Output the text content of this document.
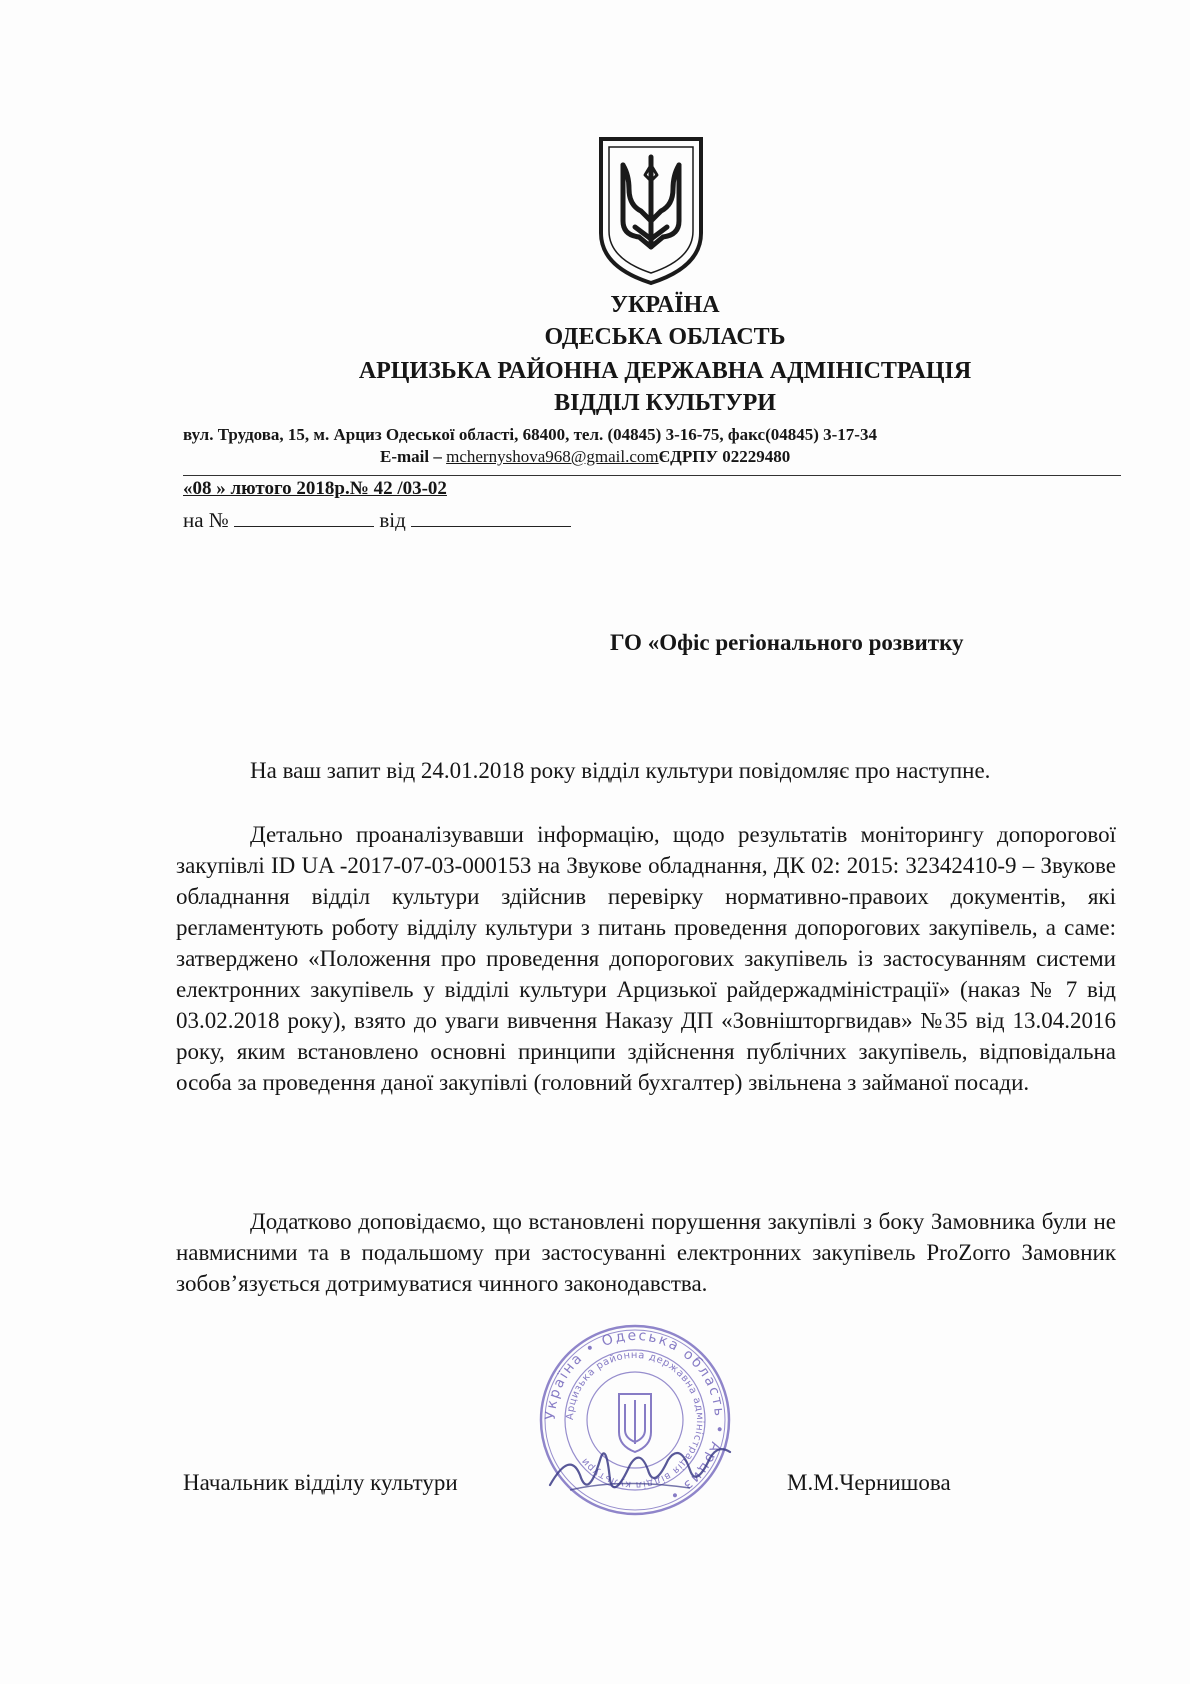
УКРАЇНА
ОДЕСЬКА ОБЛАСТЬ
АРЦИЗЬКА РАЙОННА ДЕРЖАВНА АДМІНІСТРАЦІЯ
ВІДДІЛ КУЛЬТУРИ
вул. Трудова, 15, м. Арциз Одеської області, 68400, тел. (04845) 3-16-75, факс(04845) 3-17-34
E-mail – mchernyshova968@gmail.comЄДРПУ 02229480
«08 » лютого 2018р.№ 42 /03-02
на №	від
ГО «Офіс регіонального розвитку

На ваш запит від 24.01.2018 року відділ культури повідомляє про наступне.

Детально проаналізувавши інформацію, щодо результатів моніторингу допорогової закупівлі ID UA -2017-07-03-000153 на Звукове обладнання, ДК 02: 2015: 32342410-9 – Звукове обладнання відділ культури здійснив перевірку нормативно-правоих документів, які регламентують роботу відділу культури з питань проведення допорогових закупівель, а саме: затверджено «Положення про проведення допорогових закупівель із застосуванням системи електронних закупівель у відділі культури Арцизької райдержадміністрації» (наказ № 7 від 03.02.2018 року), взято до уваги вивчення Наказу ДП «Зовнішторгвидав» №35 від 13.04.2016 року, яким встановлено основні принципи здійснення публічних закупівель, відповідальна особа за проведення даної закупівлі (головний бухгалтер) звільнена з займаної посади.

Додатково доповідаємо, що встановлені порушення закупівлі з боку Замовника були не навмисними та в подальшому при застосуванні електронних закупівель ProZorro Замовник зобов’язується дотримуватися чинного законодавства.

Україна • Одеська область • Арциз •
Арцизька районна державна адміністрація відділ культури
Начальник відділу культури	М.М.Чернишова
